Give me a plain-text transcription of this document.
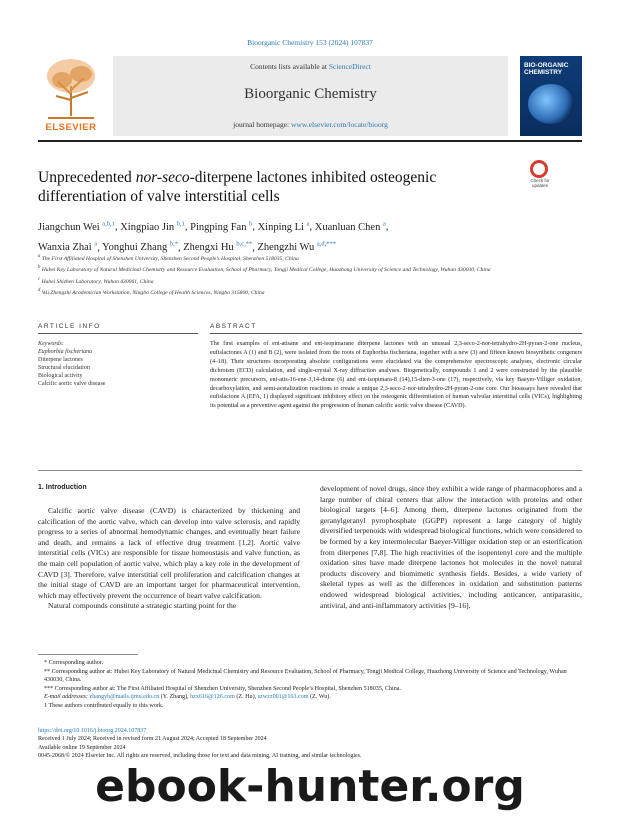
Bioorganic Chemistry 153 (2024) 107837
ELSEVIER
Contents lists available at ScienceDirect
Bioorganic Chemistry
journal homepage: www.elsevier.com/locate/bioorg
BIO-ORGANIC CHEMISTRY
Unprecedented nor-seco-diterpene lactones inhibited osteogenic differentiation of valve interstitial cells
Check for updates
Jiangchun Wei $^{a,b,1}$, Xingpiao Jin $^{b,1}$, Pingping Fan $^b$, Xinping Li $^a$, Xuanluan Chen $^a$,
Wanxia Zhai $^a$, Yonghui Zhang $^{b,*}$, Zhengxi Hu $^{b,c,**}$, Zhengzhi Wu $^{a,d,***}$
$^a$ The First Affiliated Hospital of Shenzhen University, Shenzhen Second People’s Hospital, Shenzhen 518035, China
$^b$ Hubei Key Laboratory of Natural Medicinal Chemistry and Resource Evaluation, School of Pharmacy, Tongji Medical College, Huazhong University of Science and Technology, Wuhan 430030, China
$^c$ Hubei Shizhen Laboratory, Wuhan 430061, China
$^d$ Wu Zhengzhi Academician Workstation, Ningbo College of Health Sciences, Ningbo 315800, China
ARTICLE INFO	ABSTRACT
Keywords:
Euphorbia fischeriana
Diterpene lactones
Structural elucidation
Biological activity
Calcific aortic valve disease
The first examples of ent-atisane and ent-isopimarane diterpene lactones with an unusual 2,3-seco-2-nor-tetrahydro-2H-pyran-2-one nucleus, eufislactones A (1) and B (2), were isolated from the roots of Euphorbia fischeriana, together with a new (3) and fifteen known biosynthetic congeners (4–18). Their structures incorporating absolute configurations were elucidated via the comprehensive spectroscopic analyses, electronic circular dichroism (ECD) calculation, and single-crystal X-ray diffraction analyses. Biogenetically, compounds 1 and 2 were constructed by the plausible monomeric precursors, ent-atis-16-ene-3,14-dione (6) and ent-isopimara-8 (14),15-dien-3-one (17), respectively, via key Baeyer-Villiger oxidation, decarboxylation, and semi-acetalization reactions to create a unique 2,3-seco-2-nor-tetrahydro-2H-pyran-2-one core. Our bioassays have revealed that eufislactone A (EFA, 1) displayed significant inhibitory effect on the osteogenic differentiation of human valvular interstitial cells (VICs), highlighting its potential as a preventive agent against the progression of human calcific aortic valve disease (CAVD).
1. Introduction

Calcific aortic valve disease (CAVD) is characterized by thickening and calcification of the aortic valve, which can develop into valve sclerosis, and rapidly progress to a series of abnormal hemodynamic changes, and eventually heart failure and death, and remains a lack of effective drug treatment [1,2]. Aortic valve interstitial cells (VICs) are responsible for tissue homeostasis and valve function, as the main cell population of aortic valve, which play a key role in the development of CAVD [3]. Therefore, valve interstitial cell proliferation and calcification changes at the initial stage of CAVD are an important target for pharmaceutical intervention, which may effectively prevent the occurrence of heart valve calcification.

Natural compounds constitute a strategic starting point for the

development of novel drugs, since they exhibit a wide range of pharmacophores and a large number of chiral centers that allow the interaction with proteins and other biological targets [4–6]. Among them, diterpene lactones originated from the geranylgeranyl pyrophosphate (GGPP) represent a large category of highly diversified terpenoids with widespread biological functions, which were considered to be formed by a key intermolecular Baeyer-Villiger oxidation step or an esterification from diterpenes [7,8]. The high reactivities of the isopentenyl core and the multiple oxidation sites have made diterpene lactones hot molecules in the novel natural products discovery and biomimetic synthesis fields. Besides, a wide variety of skeletal types as well as the differences in oxidation and substitution patterns endowed widespread biological activities, including anticancer, antiparasitic, antiviral, and anti-inflammatory activities [9–16].
* Corresponding author.
** Corresponding author at: Hubei Key Laboratory of Natural Medicinal Chemistry and Resource Evaluation, School of Pharmacy, Tongji Medical College, Huazhong University of Science and Technology, Wuhan 430030, China.
*** Corresponding author at: The First Affiliated Hospital of Shenzhen University, Shenzhen Second People’s Hospital, Shenzhen 518035, China.
E-mail addresses: zhangyh@mails.tjmu.edu.cn (Y. Zhang), hzx616@126.com (Z. Hu), szwzz001@163.com (Z. Wu).
1 These authors contributed equally to this work.
https://doi.org/10.1016/j.bioorg.2024.107837
Received 1 July 2024; Received in revised form 21 August 2024; Accepted 18 September 2024
Available online 19 September 2024
0045-2068/© 2024 Elsevier Inc. All rights are reserved, including those for text and data mining, AI training, and similar technologies.
ebook-hunter.org
